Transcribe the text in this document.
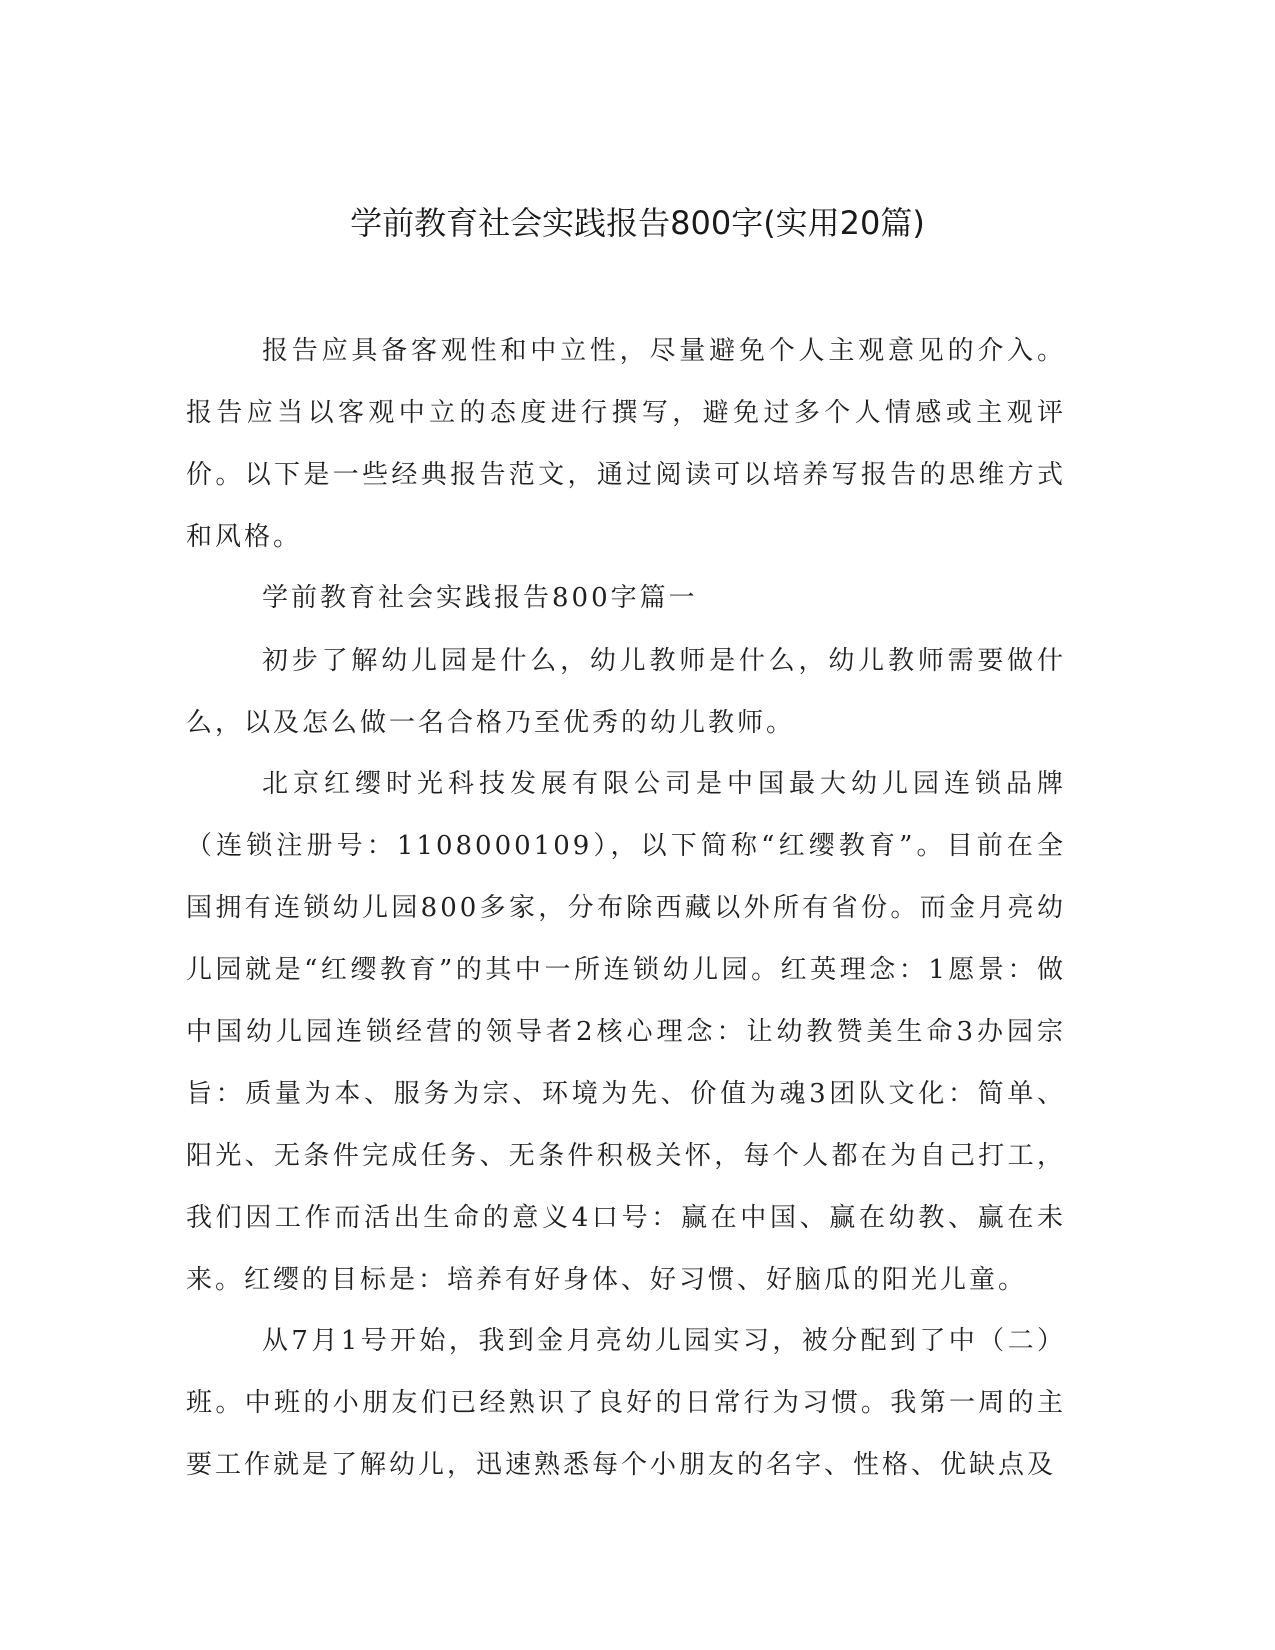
学前教育社会实践报告800字(实用20篇)

报告应具备客观性和中立性，尽量避免个人主观意见的介入。报告应当以客观中立的态度进行撰写，避免过多个人情感或主观评价。以下是一些经典报告范文，通过阅读可以培养写报告的思维方式和风格。

学前教育社会实践报告800字篇一

初步了解幼儿园是什么，幼儿教师是什么，幼儿教师需要做什么，以及怎么做一名合格乃至优秀的幼儿教师。

北京红缨时光科技发展有限公司是中国最大幼儿园连锁品牌（连锁注册号：1108000109），以下简称“红缨教育”。目前在全国拥有连锁幼儿园800多家，分布除西藏以外所有省份。而金月亮幼儿园就是“红缨教育”的其中一所连锁幼儿园。红英理念：1愿景：做中国幼儿园连锁经营的领导者2核心理念：让幼教赞美生命3办园宗旨：质量为本、服务为宗、环境为先、价值为魂3团队文化：简单、阳光、无条件完成任务、无条件积极关怀，每个人都在为自己打工，我们因工作而活出生命的意义4口号：赢在中国、赢在幼教、赢在未来。红缨的目标是：培养有好身体、好习惯、好脑瓜的阳光儿童。

从7月1号开始，我到金月亮幼儿园实习，被分配到了中（二）班。中班的小朋友们已经熟识了良好的日常行为习惯。我第一周的主要工作就是了解幼儿，迅速熟悉每个小朋友的名字、性格、优缺点及
